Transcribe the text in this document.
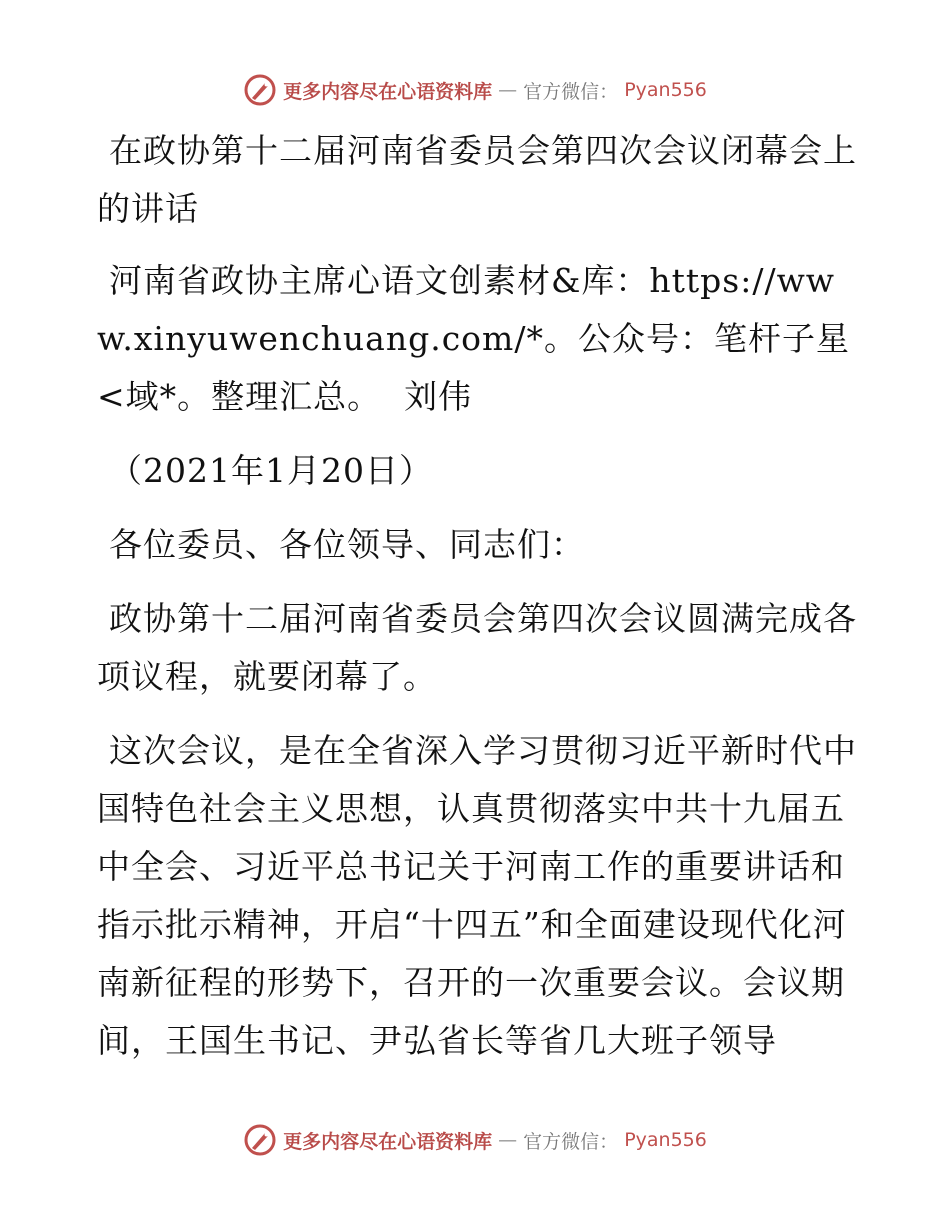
更多内容尽在心语资料库 — 官方微信： Pyan556

在政协第十二届河南省委员会第四次会议闭幕会上的讲话

河南省政协主席心语文创素材&库：https://www.xinyuwenchuang.com/*。公众号：笔杆子星<域*。整理汇总。  刘伟

（2021年1月20日）

各位委员、各位领导、同志们：

政协第十二届河南省委员会第四次会议圆满完成各项议程，就要闭幕了。

这次会议，是在全省深入学习贯彻习近平新时代中国特色社会主义思想，认真贯彻落实中共十九届五中全会、习近平总书记关于河南工作的重要讲话和指示批示精神，开启“十四五”和全面建设现代化河南新征程的形势下，召开的一次重要会议。会议期间，王国生书记、尹弘省长等省几大班子领导

更多内容尽在心语资料库 — 官方微信： Pyan556
